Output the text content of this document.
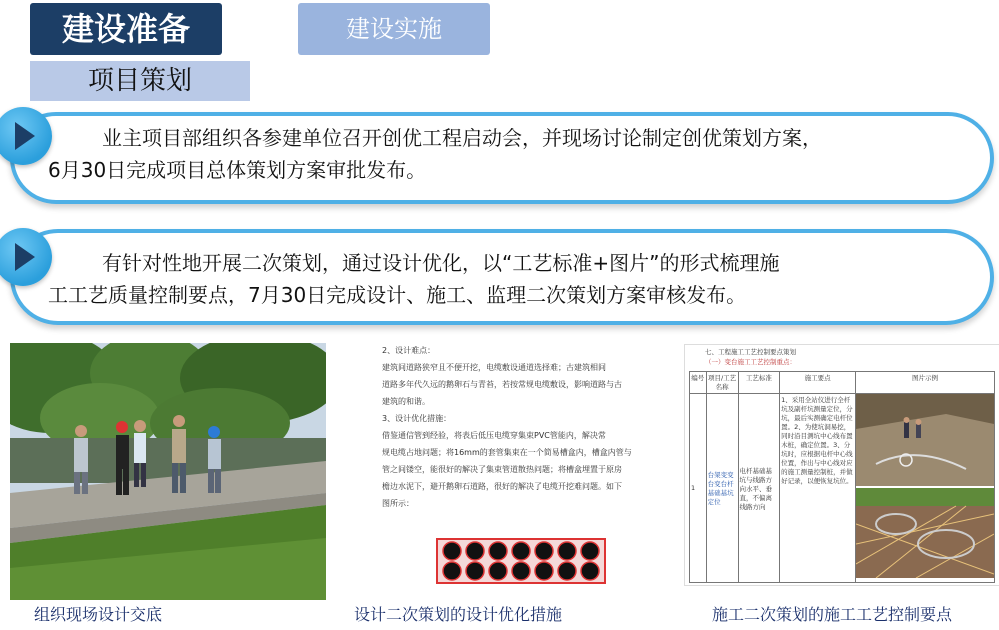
建设准备	建设实施
项目策划
业主项目部组织各参建单位召开创优工程启动会，并现场讨论制定创优策划方案，
6月30日完成项目总体策划方案审批发布。
有针对性地开展二次策划，通过设计优化，以“工艺标准+图片”的形式梳理施
工工艺质量控制要点，7月30日完成设计、施工、监理二次策划方案审核发布。
2、设计难点：
建筑间道路狭窄且不便开挖，电缆敷设通道选择难；古建筑相间
道路多年代久远的鹅卵石与青苔，若按常规电缆敷设，影响道路与古
建筑的和谐。
3、设计优化措施：
借鉴通信管到经验，将表后低压电缆穿集束PVC管能内，解决常
规电缆占地问题；将16mm的套管集束在一个简易槽盒内，槽盒内管与
管之间镂空，能很好的解决了集束管道散热问题；将槽盒埋置于原房
檐边水泥下，避开鹅卵石道路，很好的解决了电缆开挖难问题。如下
图所示：
七、工程施工工艺控制要点策划
（一）变台施工工艺控制重点：
编号	项目/工艺名称	工艺标准	施工要点	图片示例
1	台架变变台变台杆基础基坑定位	电杆基础基坑与线路方向水平、垂直，不偏离线路方向	1、采用全站仪进行全杆坑及副杆坑测量定位，分坑，最后实测确定电杆位置。2、为使坑洞易挖，同时沿目测坑中心线布置木桩，确定位置。3、分坑时，应根据电杆中心线位置，作出与中心线对应的施工测量控制桩，并做好记录，以便恢复坑位。	
组织现场设计交底	设计二次策划的设计优化措施	施工二次策划的施工工艺控制要点
